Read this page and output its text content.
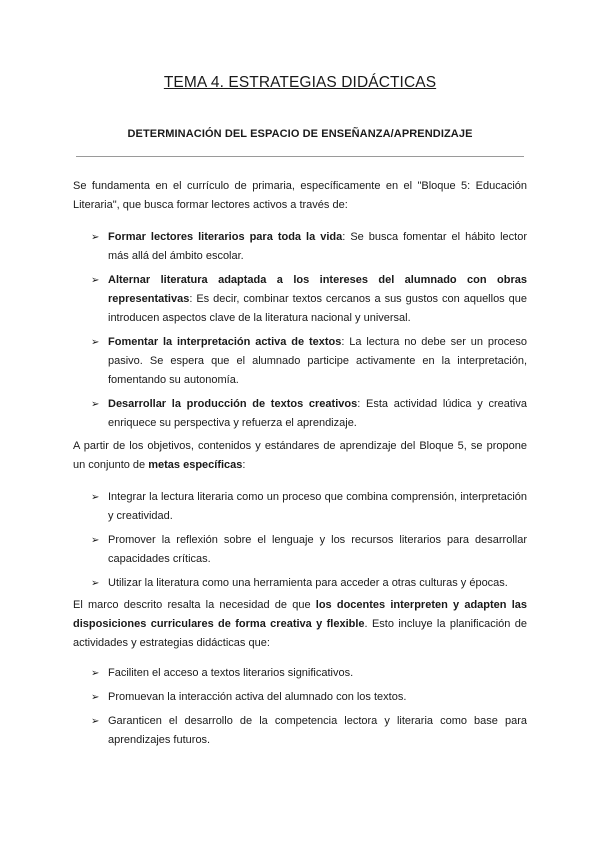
TEMA 4. ESTRATEGIAS DIDÁCTICAS
DETERMINACIÓN DEL ESPACIO DE ENSEÑANZA/APRENDIZAJE
Se fundamenta en el currículo de primaria, específicamente en el "Bloque 5: Educación Literaria", que busca formar lectores activos a través de:
➢ Formar lectores literarios para toda la vida: Se busca fomentar el hábito lector más allá del ámbito escolar.
➢ Alternar literatura adaptada a los intereses del alumnado con obras representativas: Es decir, combinar textos cercanos a sus gustos con aquellos que introducen aspectos clave de la literatura nacional y universal.
➢ Fomentar la interpretación activa de textos: La lectura no debe ser un proceso pasivo. Se espera que el alumnado participe activamente en la interpretación, fomentando su autonomía.
➢ Desarrollar la producción de textos creativos: Esta actividad lúdica y creativa enriquece su perspectiva y refuerza el aprendizaje.
A partir de los objetivos, contenidos y estándares de aprendizaje del Bloque 5, se propone un conjunto de metas específicas:
➢ Integrar la lectura literaria como un proceso que combina comprensión, interpretación y creatividad.
➢ Promover la reflexión sobre el lenguaje y los recursos literarios para desarrollar capacidades críticas.
➢ Utilizar la literatura como una herramienta para acceder a otras culturas y épocas.
El marco descrito resalta la necesidad de que los docentes interpreten y adapten las disposiciones curriculares de forma creativa y flexible. Esto incluye la planificación de actividades y estrategias didácticas que:
➢ Faciliten el acceso a textos literarios significativos.
➢ Promuevan la interacción activa del alumnado con los textos.
➢ Garanticen el desarrollo de la competencia lectora y literaria como base para aprendizajes futuros.
